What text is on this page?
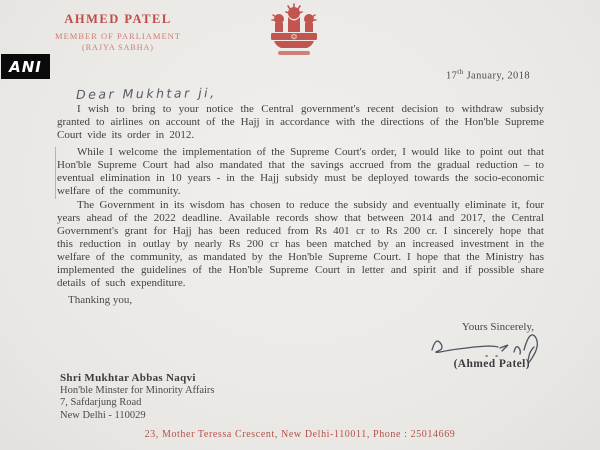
AHMED PATEL
MEMBER OF PARLIAMENT
(RAJYA SABHA)
ANI
17th January, 2018
Dear Mukhtar ji,
I wish to bring to your notice the Central government's recent decision to withdraw subsidy granted to airlines on account of the Hajj in accordance with the directions of the Hon'ble Supreme Court vide its order in 2012.
While I welcome the implementation of the Supreme Court's order, I would like to point out that Hon'ble Supreme Court had also mandated that the savings accrued from the gradual reduction – to eventual elimination in 10 years - in the Hajj subsidy must be deployed towards the socio-economic welfare of the community.
The Government in its wisdom has chosen to reduce the subsidy and eventually eliminate it, four years ahead of the 2022 deadline. Available records show that between 2014 and 2017, the Central Government's grant for Hajj has been reduced from Rs 401 cr to Rs 200 cr. I sincerely hope that this reduction in outlay by nearly Rs 200 cr has been matched by an increased investment in the welfare of the community, as mandated by the Hon'ble Supreme Court. I hope that the Ministry has implemented the guidelines of the Hon'ble Supreme Court in letter and spirit and if possible share details of such expenditure.
Thanking you,
Yours Sincerely,
(Ahmed Patel)
Shri Mukhtar Abbas Naqvi
Hon'ble Minster for Minority Affairs
7, Safdarjung Road
New Delhi - 110029
23, Mother Teressa Crescent, New Delhi-110011, Phone : 25014669
